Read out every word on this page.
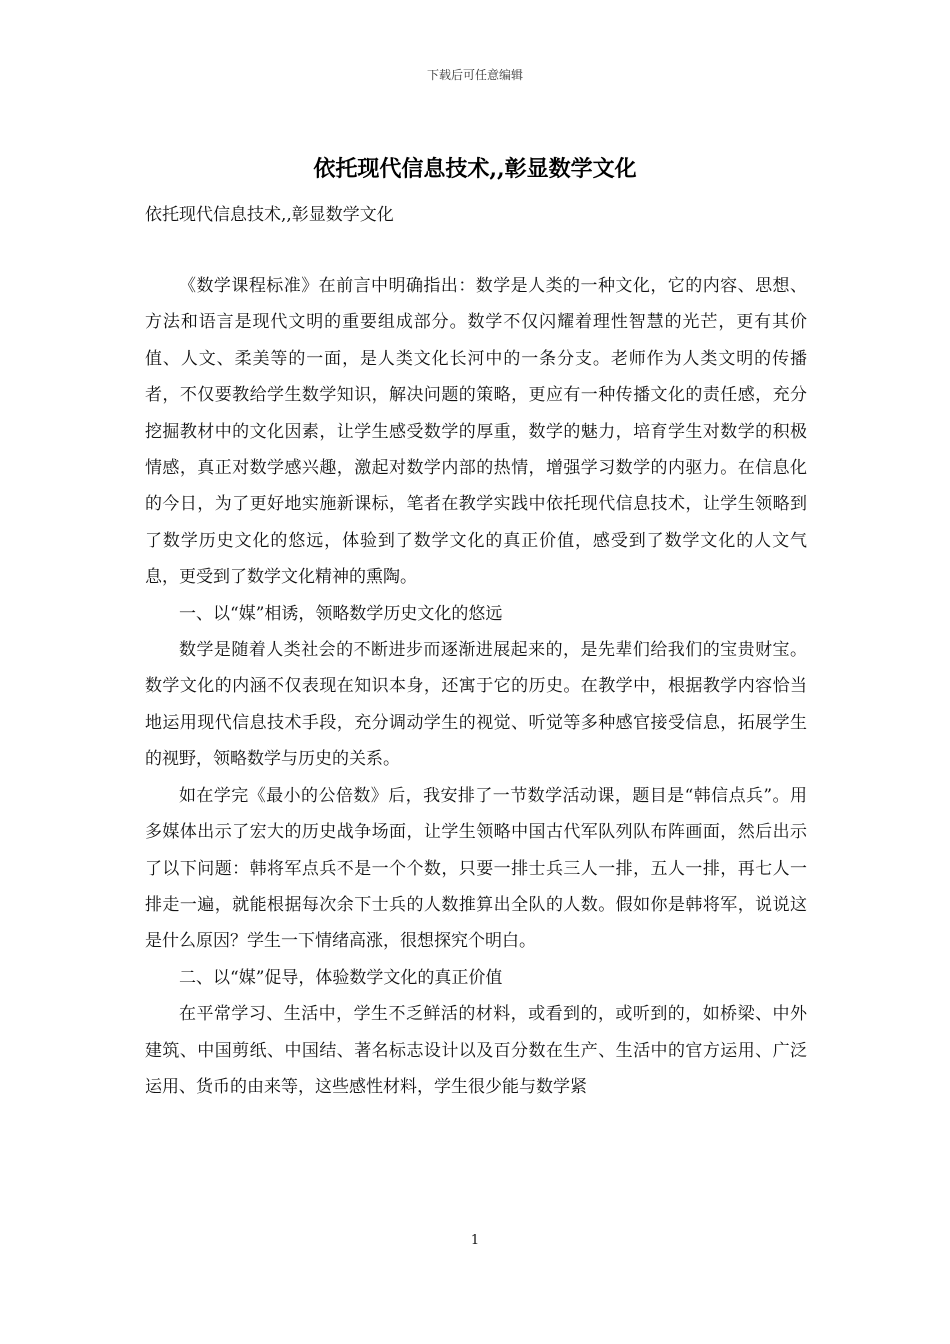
下载后可任意编辑
依托现代信息技术,,彰显数学文化
依托现代信息技术,,彰显数学文化

《数学课程标准》在前言中明确指出：数学是人类的一种文化，它的内容、思想、方法和语言是现代文明的重要组成部分。数学不仅闪耀着理性智慧的光芒，更有其价值、人文、柔美等的一面，是人类文化长河中的一条分支。老师作为人类文明的传播者，不仅要教给学生数学知识，解决问题的策略，更应有一种传播文化的责任感，充分挖掘教材中的文化因素，让学生感受数学的厚重，数学的魅力，培育学生对数学的积极情感，真正对数学感兴趣，激起对数学内部的热情，增强学习数学的内驱力。在信息化的今日，为了更好地实施新课标，笔者在教学实践中依托现代信息技术，让学生领略到了数学历史文化的悠远，体验到了数学文化的真正价值，感受到了数学文化的人文气息，更受到了数学文化精神的熏陶。

一、以“媒”相诱，领略数学历史文化的悠远

数学是随着人类社会的不断进步而逐渐进展起来的，是先辈们给我们的宝贵财宝。数学文化的内涵不仅表现在知识本身，还寓于它的历史。在教学中，根据教学内容恰当地运用现代信息技术手段，充分调动学生的视觉、听觉等多种感官接受信息，拓展学生的视野，领略数学与历史的关系。

如在学完《最小的公倍数》后，我安排了一节数学活动课，题目是“韩信点兵”。用多媒体出示了宏大的历史战争场面，让学生领略中国古代军队列队布阵画面，然后出示了以下问题：韩将军点兵不是一个个数，只要一排士兵三人一排，五人一排，再七人一排走一遍，就能根据每次余下士兵的人数推算出全队的人数。假如你是韩将军，说说这是什么原因？学生一下情绪高涨，很想探究个明白。

二、以“媒”促导，体验数学文化的真正价值

在平常学习、生活中，学生不乏鲜活的材料，或看到的，或听到的，如桥梁、中外建筑、中国剪纸、中国结、著名标志设计以及百分数在生产、生活中的官方运用、广泛运用、货币的由来等，这些感性材料，学生很少能与数学紧

1
